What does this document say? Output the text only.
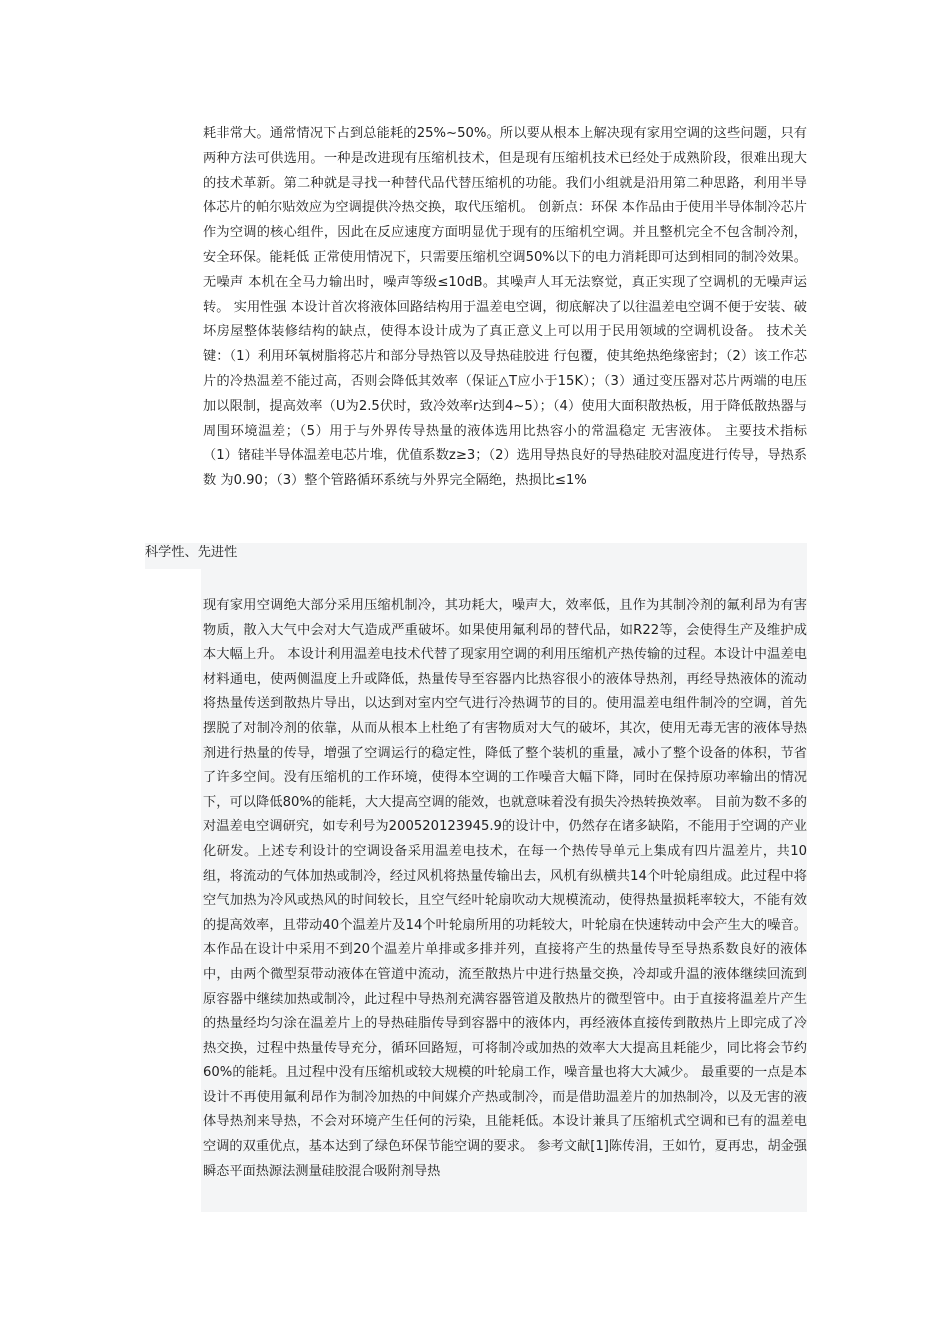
耗非常大。通常情况下占到总能耗的25%~50%。所以要从根本上解决现有家用空调的这些问题，只有两种方法可供选用。一种是改进现有压缩机技术，但是现有压缩机技术已经处于成熟阶段，很难出现大的技术革新。第二种就是寻找一种替代品代替压缩机的功能。我们小组就是沿用第二种思路，利用半导体芯片的帕尔贴效应为空调提供冷热交换，取代压缩机。 创新点：环保 本作品由于使用半导体制冷芯片作为空调的核心组件，因此在反应速度方面明显优于现有的压缩机空调。并且整机完全不包含制冷剂，安全环保。能耗低 正常使用情况下，只需要压缩机空调50%以下的电力消耗即可达到相同的制冷效果。无噪声 本机在全马力输出时，噪声等级≤10dB。其噪声人耳无法察觉，真正实现了空调机的无噪声运转。 实用性强 本设计首次将液体回路结构用于温差电空调，彻底解决了以往温差电空调不便于安装、破坏房屋整体装修结构的缺点，使得本设计成为了真正意义上可以用于民用领域的空调机设备。 技术关键：（1）利用环氧树脂将芯片和部分导热管以及导热硅胶进 行包覆，使其绝热绝缘密封；（2）该工作芯片的冷热温差不能过高，否则会降低其效率（保证△T应小于15K）；（3）通过变压器对芯片两端的电压加以限制，提高效率（U为2.5伏时，致冷效率r达到4~5）；（4）使用大面积散热板，用于降低散热器与周围环境温差；（5）用于与外界传导热量的液体选用比热容小的常温稳定 无害液体。 主要技术指标 （1）锗硅半导体温差电芯片堆，优值系数z≥3；（2）选用导热良好的导热硅胶对温度进行传导，导热系数 为0.90；（3）整个管路循环系统与外界完全隔绝，热损比≤1%

科学性、先进性

现有家用空调绝大部分采用压缩机制冷，其功耗大，噪声大，效率低，且作为其制冷剂的氟利昂为有害物质，散入大气中会对大气造成严重破坏。如果使用氟利昂的替代品，如R22等，会使得生产及维护成本大幅上升。 本设计利用温差电技术代替了现家用空调的利用压缩机产热传输的过程。本设计中温差电材料通电，使两侧温度上升或降低，热量传导至容器内比热容很小的液体导热剂，再经导热液体的流动将热量传送到散热片导出，以达到对室内空气进行冷热调节的目的。使用温差电组件制冷的空调，首先摆脱了对制冷剂的依靠，从而从根本上杜绝了有害物质对大气的破坏，其次，使用无毒无害的液体导热剂进行热量的传导，增强了空调运行的稳定性，降低了整个装机的重量，减小了整个设备的体积，节省了许多空间。没有压缩机的工作环境，使得本空调的工作噪音大幅下降，同时在保持原功率输出的情况下，可以降低80%的能耗，大大提高空调的能效，也就意味着没有损失冷热转换效率。 目前为数不多的对温差电空调研究，如专利号为200520123945.9的设计中，仍然存在诸多缺陷，不能用于空调的产业化研发。上述专利设计的空调设备采用温差电技术，在每一个热传导单元上集成有四片温差片，共10组，将流动的气体加热或制冷，经过风机将热量传输出去，风机有纵横共14个叶轮扇组成。此过程中将空气加热为冷风或热风的时间较长，且空气经叶轮扇吹动大规模流动，使得热量损耗率较大，不能有效的提高效率，且带动40个温差片及14个叶轮扇所用的功耗较大，叶轮扇在快速转动中会产生大的噪音。本作品在设计中采用不到20个温差片单排或多排并列，直接将产生的热量传导至导热系数良好的液体中，由两个微型泵带动液体在管道中流动，流至散热片中进行热量交换，冷却或升温的液体继续回流到原容器中继续加热或制冷，此过程中导热剂充满容器管道及散热片的微型管中。由于直接将温差片产生的热量经均匀涂在温差片上的导热硅脂传导到容器中的液体内，再经液体直接传到散热片上即完成了冷热交换，过程中热量传导充分，循环回路短，可将制冷或加热的效率大大提高且耗能少，同比将会节约60%的能耗。且过程中没有压缩机或较大规模的叶轮扇工作，噪音量也将大大减少。 最重要的一点是本设计不再使用氟利昂作为制冷加热的中间媒介产热或制冷，而是借助温差片的加热制冷，以及无害的液体导热剂来导热，不会对环境产生任何的污染，且能耗低。本设计兼具了压缩机式空调和已有的温差电空调的双重优点，基本达到了绿色环保节能空调的要求。 参考文献[1]陈传涓，王如竹，夏再忠，胡金强 瞬态平面热源法测量硅胶混合吸附剂导热
